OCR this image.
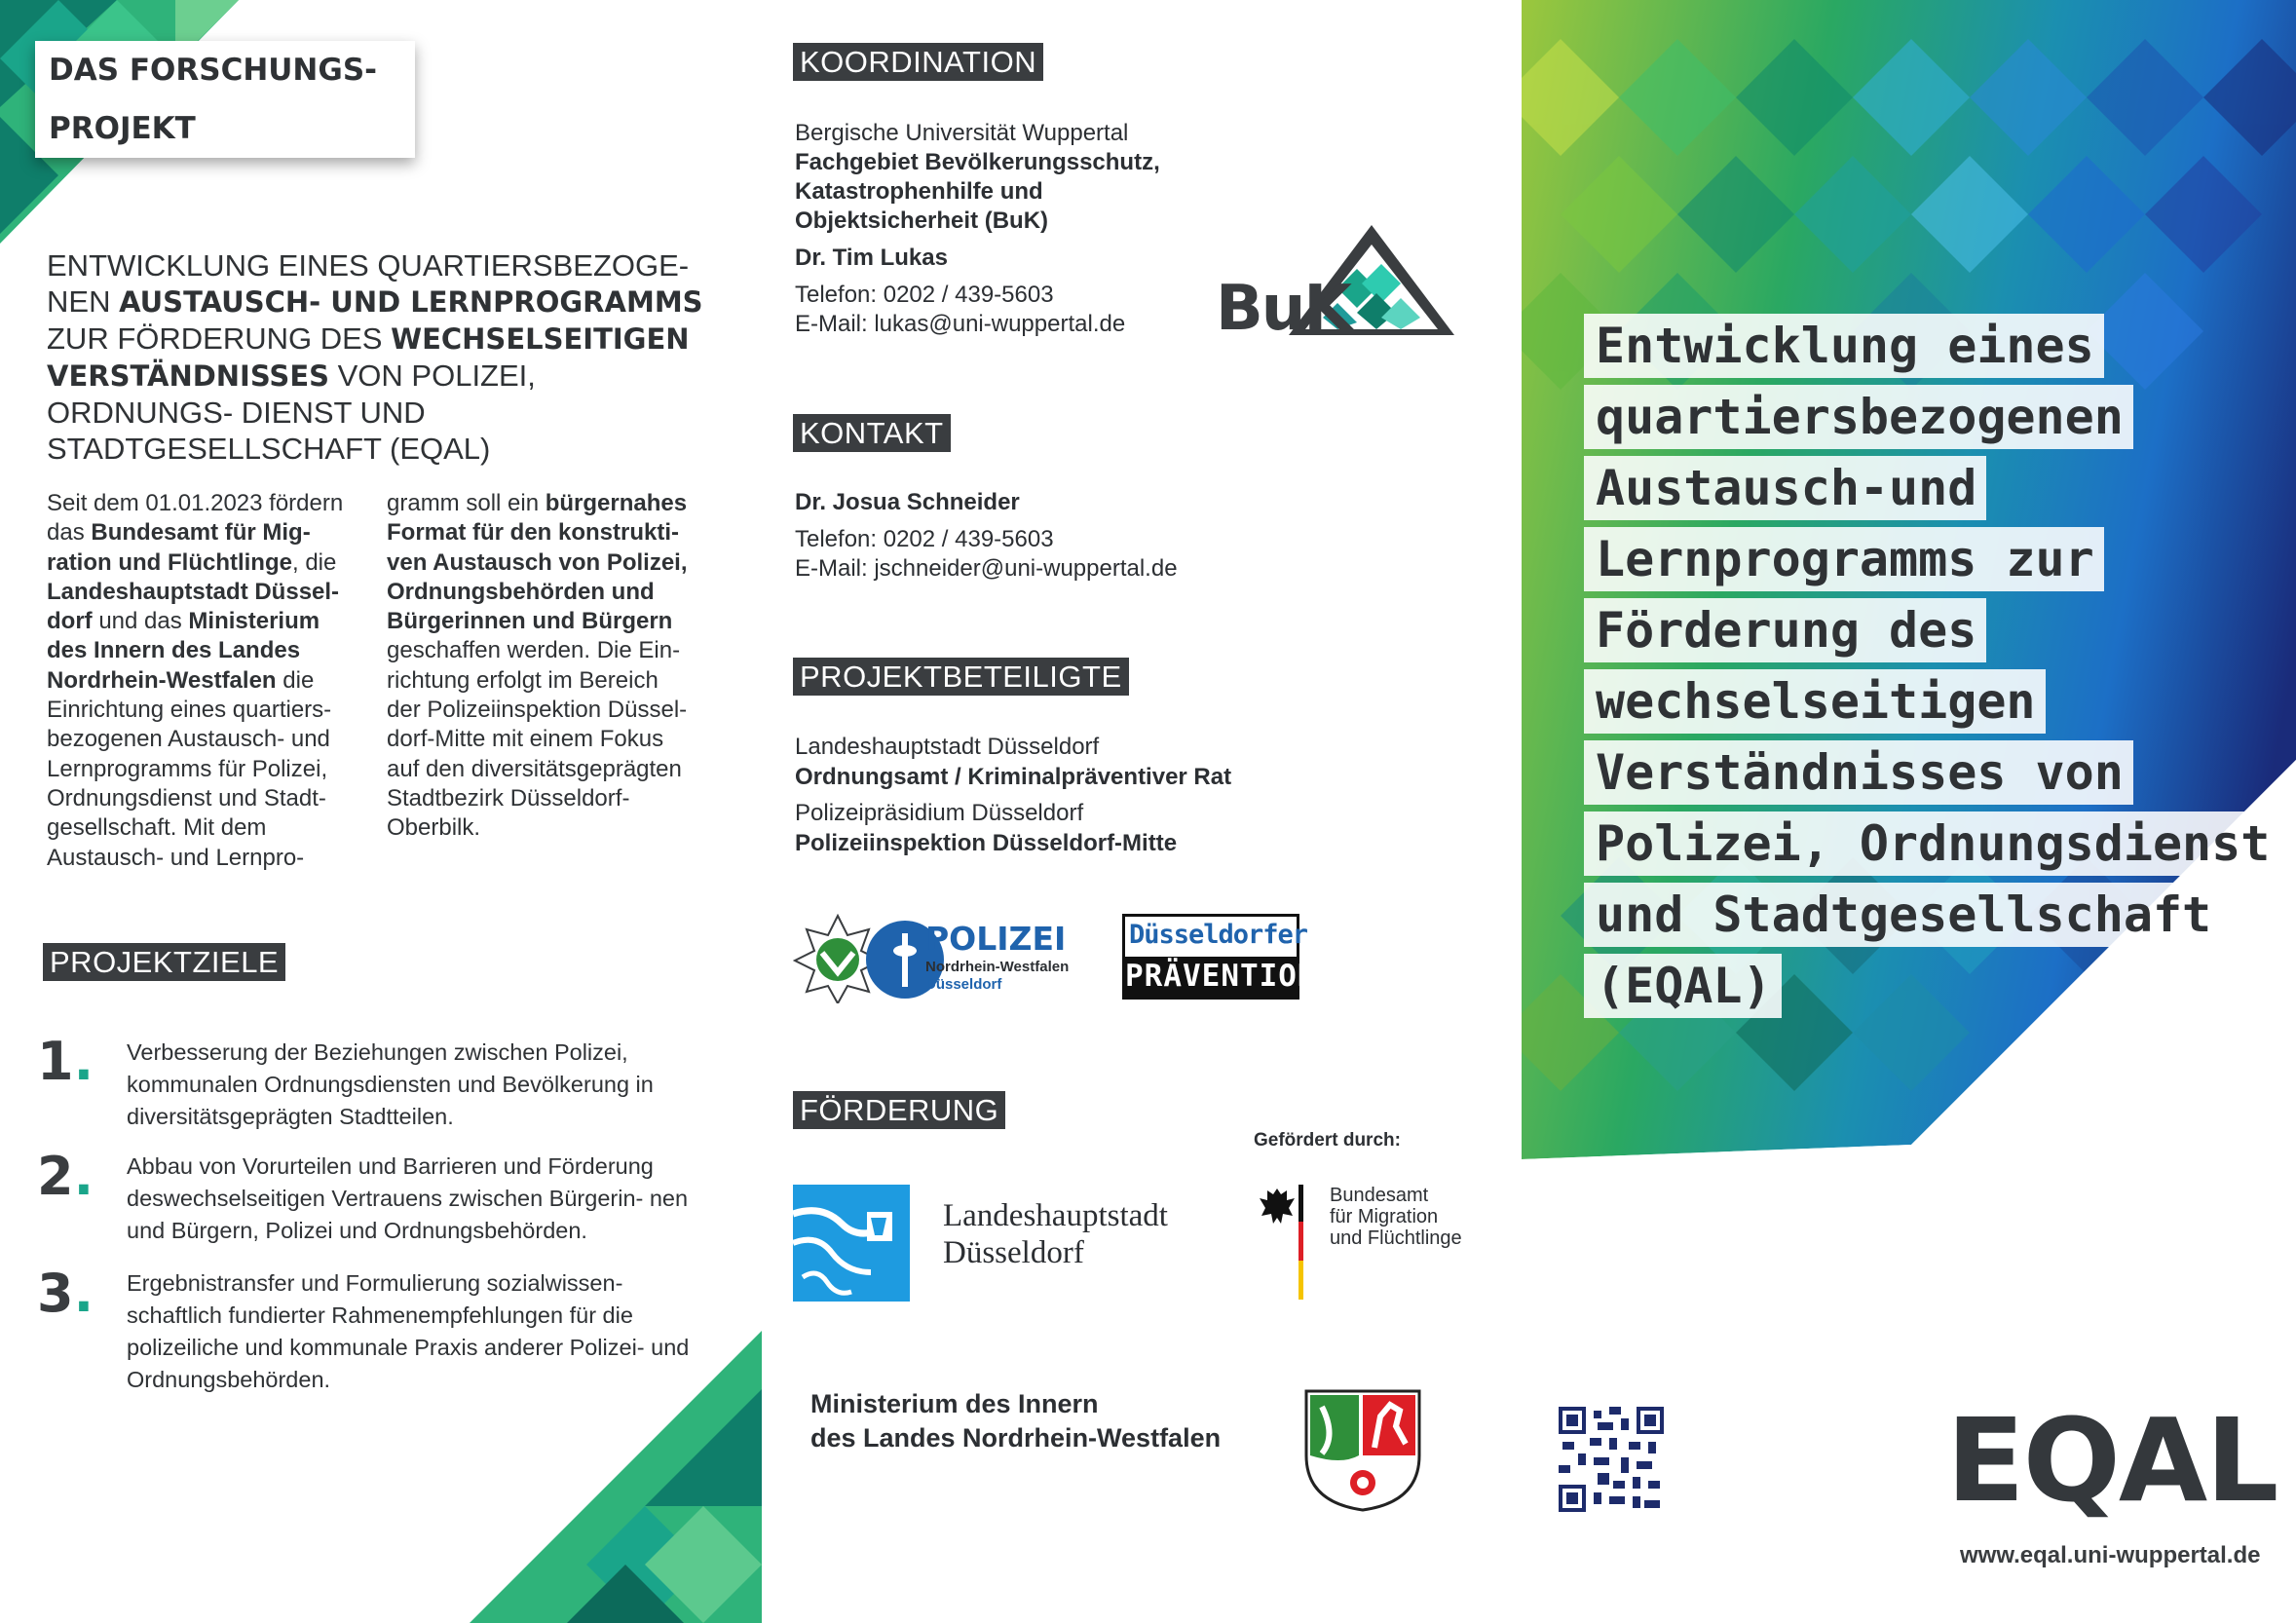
DAS FORSCHUNGS-
PROJEKT
ENTWICKLUNG EINES QUARTIERSBEZOGE- NEN AUSTAUSCH- UND LERNPROGRAMMS ZUR FÖRDERUNG DES WECHSELSEITIGEN VERSTÄNDNISSES VON POLIZEI, ORDNUNGS- DIENST UND STADTGESELLSCHAFT (EQAL)
Seit dem 01.01.2023 fördern das Bundesamt für Mig- ration und Flüchtlinge, die Landeshauptstadt Düssel- dorf und das Ministerium des Innern des Landes Nordrhein-Westfalen die Einrichtung eines quartiers- bezogenen Austausch- und Lernprogramms für Polizei, Ordnungsdienst und Stadt- gesellschaft. Mit dem Austausch- und Lernpro-
gramm soll ein bürgernahes Format für den konstrukti- ven Austausch von Polizei, Ordnungsbehörden und Bürgerinnen und Bürgern geschaffen werden. Die Ein- richtung erfolgt im Bereich der Polizeiinspektion Düssel- dorf-Mitte mit einem Fokus auf den diversitätsgeprägten Stadtbezirk Düsseldorf- Oberbilk.
PROJEKTZIELE
1. Verbesserung der Beziehungen zwischen Polizei, kommunalen Ordnungsdiensten und Bevölkerung in diversitätsgeprägten Stadtteilen.
2. Abbau von Vorurteilen und Barrieren und Förderung deswechselseitigen Vertrauens zwischen Bürgerin- nen und Bürgern, Polizei und Ordnungsbehörden.
3. Ergebnistransfer und Formulierung sozialwissen- schaftlich fundierter Rahmenempfehlungen für die polizeiliche und kommunale Praxis anderer Polizei- und Ordnungsbehörden.
KOORDINATION
Bergische Universität Wuppertal
Fachgebiet Bevölkerungsschutz,
Katastrophenhilfe und
Objektsicherheit (BuK)
Dr. Tim Lukas
Telefon: 0202 / 439-5603
E-Mail: lukas@uni-wuppertal.de BuK
KONTAKT
Dr. Josua Schneider
Telefon: 0202 / 439-5603
E-Mail: jschneider@uni-wuppertal.de
PROJEKTBETEILIGTE
Landeshauptstadt Düsseldorf
Ordnungsamt / Kriminalpräventiver Rat
Polizeipräsidium Düsseldorf
Polizeiinspektion Düsseldorf-Mitte
POLIZEI
Nordrhein-Westfalen
Düsseldorf
Düsseldorfer
PRÄVENTION
FÖRDERUNG
Gefördert durch:
Landeshauptstadt
Düsseldorf
Bundesamt
für Migration
und Flüchtlinge
Ministerium des Innern
des Landes Nordrhein-Westfalen
Entwicklung eines
quartiersbezogenen
Austausch-und
Lernprogramms zur
Förderung des
wechselseitigen
Verständnisses von
Polizei, Ordnungsdienst
und Stadtgesellschaft
(EQAL)
EQAL
www.eqal.uni-wuppertal.de
